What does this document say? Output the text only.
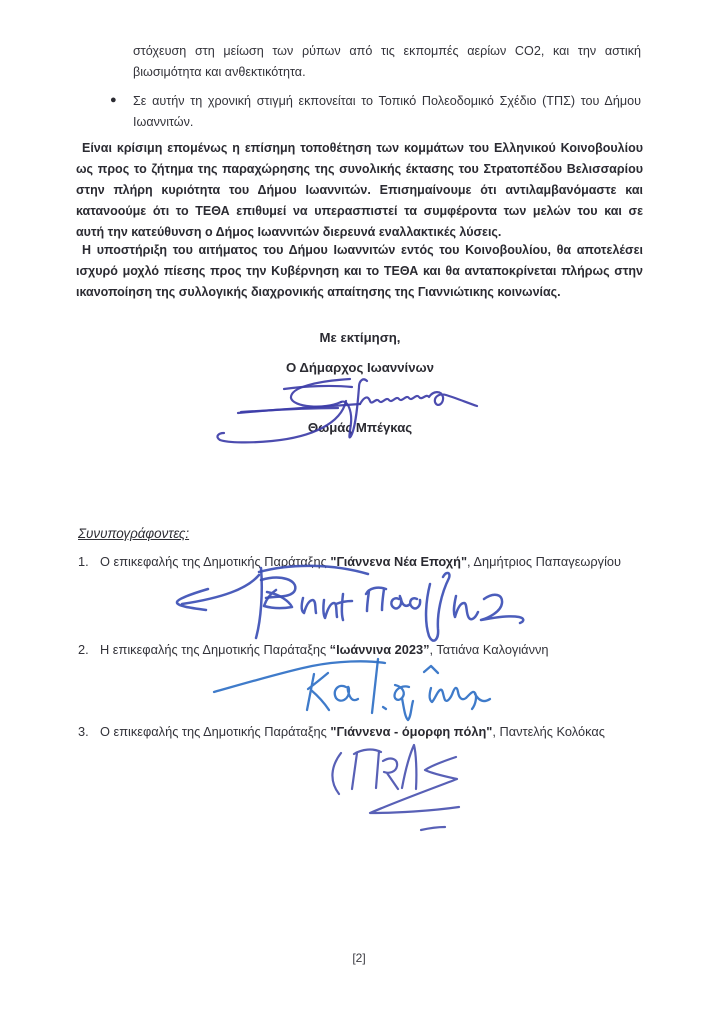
στόχευση στη μείωση των ρύπων από τις εκπομπές αερίων CO2, και την αστική
βιωσιμότητα και ανθεκτικότητα.
● Σε αυτήν τη χρονική στιγμή εκπονείται το Τοπικό Πολεοδομικό Σχέδιο (ΤΠΣ) του Δήμου
Ιωαννιτών.
Είναι κρίσιμη επομένως η επίσημη τοποθέτηση των κομμάτων του Ελληνικού Κοινοβουλίου
ως προς το ζήτημα της παραχώρησης της συνολικής έκτασης του Στρατοπέδου Βελισσαρίου
στην πλήρη κυριότητα του Δήμου Ιωαννιτών. Επισημαίνουμε ότι αντιλαμβανόμαστε και
κατανοούμε ότι το ΤΕΘΑ επιθυμεί να υπερασπιστεί τα συμφέροντα των μελών του και σε
αυτή την κατεύθυνση ο Δήμος Ιωαννιτών διερευνά εναλλακτικές λύσεις.
Η υποστήριξη του αιτήματος του Δήμου Ιωαννιτών εντός του Κοινοβουλίου, θα αποτελέσει
ισχυρό μοχλό πίεσης προς την Κυβέρνηση και το ΤΕΘΑ και θα ανταποκρίνεται πλήρως στην
ικανοποίηση της συλλογικής διαχρονικής απαίτησης της Γιαννιώτικης κοινωνίας.
Με εκτίμηση,
Ο Δήμαρχος Ιωαννίνων
Θωμάς Μπέγκας
Συνυπογράφοντες:
1. Ο επικεφαλής της Δημοτικής Παράταξης "Γιάννενα Νέα Εποχή", Δημήτριος Παπαγεωργίου
2. Η επικεφαλής της Δημοτικής Παράταξης “Ιωάννινα 2023”, Τατιάνα Καλογιάννη
3. Ο επικεφαλής της Δημοτικής Παράταξης "Γιάννενα - όμορφη πόλη", Παντελής Κολόκας
[2]
